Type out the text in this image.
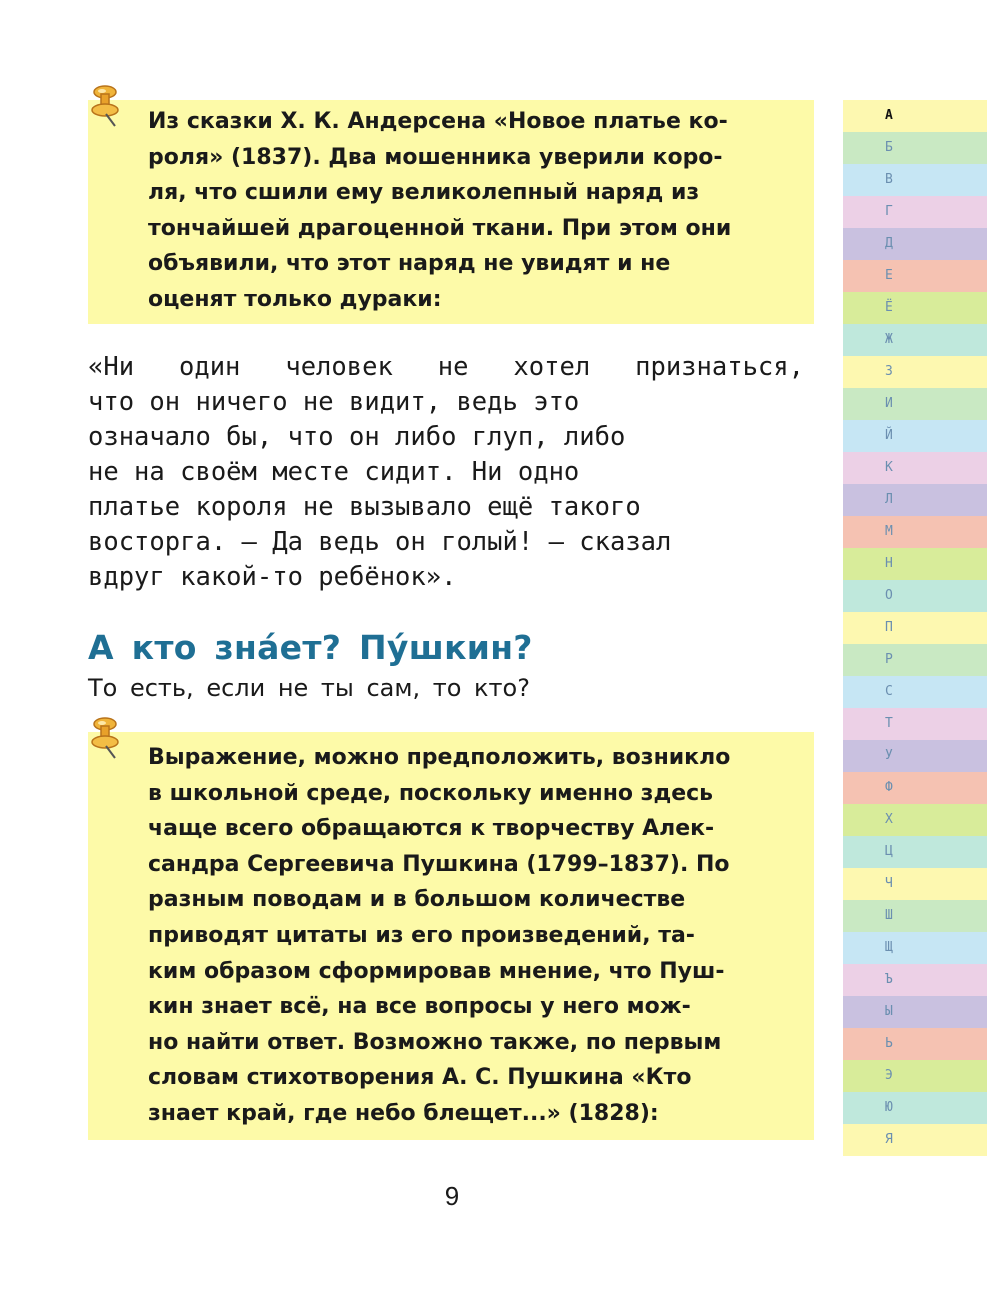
Из сказки Х. К. Андерсена «Новое платье ко-
роля» (1837). Два мошенника уверили коро-
ля, что сшили ему великолепный наряд из
тончайшей драгоценной ткани. При этом они
объявили, что этот наряд не увидят и не
оценят только дураки:

«Ни один человек не хотел признаться,
что он ничего не видит, ведь это
означало бы, что он либо глуп, либо
не на своём месте сидит. Ни одно
платье короля не вызывало ещё такого
восторга. — Да ведь он голый! — сказал
вдруг какой-то ребёнок».
А кто зна́ет? Пу́шкин?

То есть, если не ты сам, то кто?

Выражение, можно предположить, возникло
в школьной среде, поскольку именно здесь
чаще всего обращаются к творчеству Алек-
сандра Сергеевича Пушкина (1799–1837). По
разным поводам и в большом количестве
приводят цитаты из его произведений, та-
ким образом сформировав мнение, что Пуш-
кин знает всё, на все вопросы у него мож-
но найти ответ. Возможно также, по первым
словам стихотворения А. С. Пушкина «Кто
знает край, где небо блещет...» (1828):

9
А
Б
В
Г
Д
Е
Ё
Ж
З
И
Й
К
Л
М
Н
О
П
Р
С
Т
У
Ф
Х
Ц
Ч
Ш
Щ
Ъ
Ы
Ь
Э
Ю
Я
